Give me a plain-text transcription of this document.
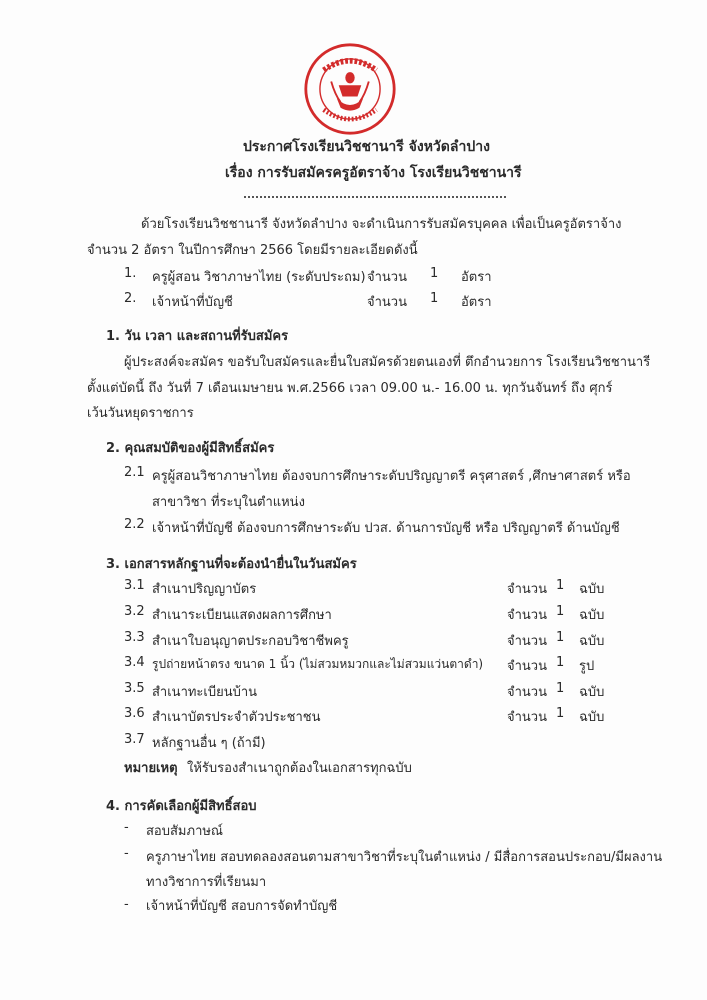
ประกาศโรงเรียนวิชชานารี จังหวัดลำปาง
เรื่อง การรับสมัครครูอัตราจ้าง โรงเรียนวิชชานารี
ด้วยโรงเรียนวิชชานารี จังหวัดลำปาง จะดำเนินการรับสมัครบุคคล เพื่อเป็นครูอัตราจ้าง
จำนวน 2 อัตรา ในปีการศึกษา 2566 โดยมีรายละเอียดดังนี้
1. ครูผู้สอน วิชาภาษาไทย (ระดับประถม) จำนวน 1 อัตรา
2. เจ้าหน้าที่บัญชี	จำนวน 1 อัตรา
1. วัน เวลา และสถานที่รับสมัคร
ผู้ประสงค์จะสมัคร ขอรับใบสมัครและยื่นใบสมัครด้วยตนเองที่ ตึกอำนวยการ โรงเรียนวิชชานารี
ตั้งแต่บัดนี้ ถึง วันที่ 7 เดือนเมษายน พ.ศ.2566 เวลา 09.00 น.- 16.00 น. ทุกวันจันทร์ ถึง ศุกร์
เว้นวันหยุดราชการ
2. คุณสมบัติของผู้มีสิทธิ์สมัคร
2.1 ครูผู้สอนวิชาภาษาไทย ต้องจบการศึกษาระดับปริญญาตรี ครุศาสตร์ ,ศึกษาศาสตร์ หรือ
สาขาวิชา ที่ระบุในตำแหน่ง
2.2 เจ้าหน้าที่บัญชี ต้องจบการศึกษาระดับ ปวส. ด้านการบัญชี หรือ ปริญญาตรี ด้านบัญชี
3. เอกสารหลักฐานที่จะต้องนำยื่นในวันสมัคร
3.1 สำเนาปริญญาบัตร	จำนวน 1 ฉบับ
3.2 สำเนาระเบียนแสดงผลการศึกษา	จำนวน 1 ฉบับ
3.3 สำเนาใบอนุญาตประกอบวิชาชีพครู	จำนวน 1 ฉบับ
3.4 รูปถ่ายหน้าตรง ขนาด 1 นิ้ว (ไม่สวมหมวกและไม่สวมแว่นตาดำ) จำนวน 1 รูป
3.5 สำเนาทะเบียนบ้าน	จำนวน 1 ฉบับ
3.6 สำเนาบัตรประจำตัวประชาชน	จำนวน 1 ฉบับ
3.7 หลักฐานอื่น ๆ (ถ้ามี)
หมายเหตุ ให้รับรองสำเนาถูกต้องในเอกสารทุกฉบับ
4. การคัดเลือกผู้มีสิทธิ์สอบ
- สอบสัมภาษณ์
- ครูภาษาไทย สอบทดลองสอนตามสาขาวิชาที่ระบุในตำแหน่ง / มีสื่อการสอนประกอบ/มีผลงาน
ทางวิชาการที่เรียนมา
- เจ้าหน้าที่บัญชี สอบการจัดทำบัญชี
